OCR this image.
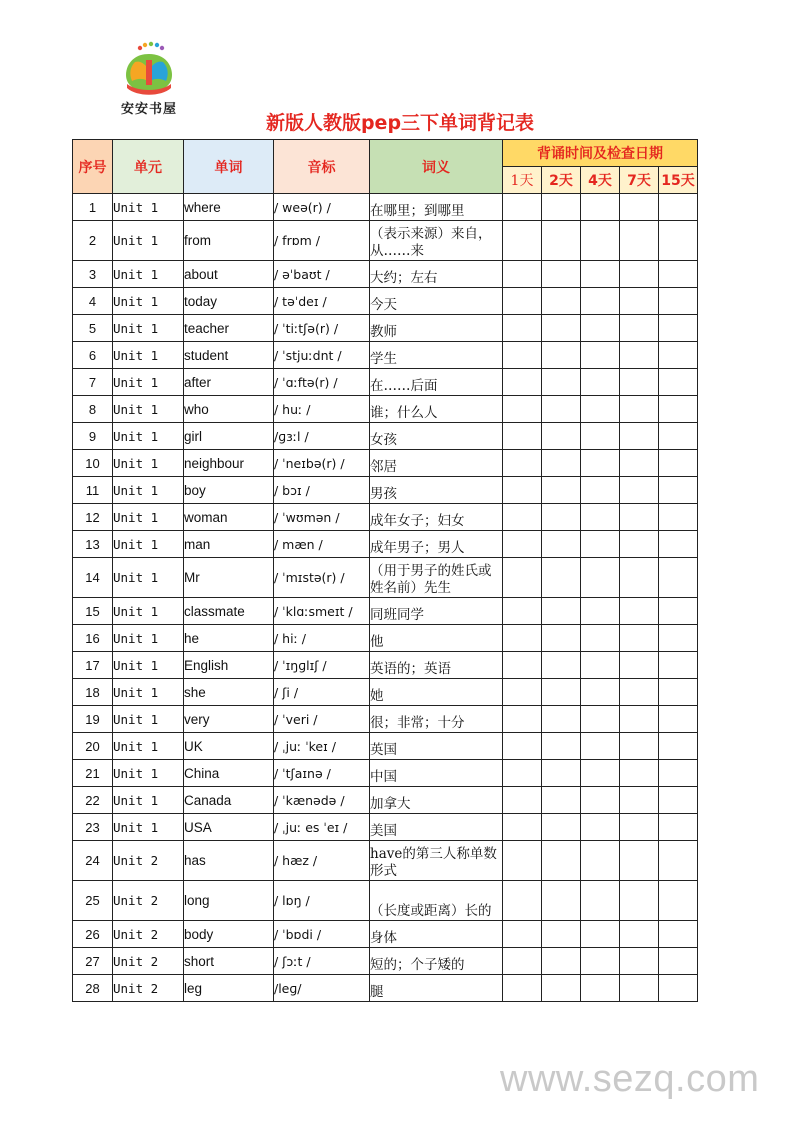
安安书屋
新版人教版pep三下单词背记表
序号	单元	单词	音标	词义	背诵时间及检查日期				
					1天	2天	4天	7天	15天
1	Unit 1	where	/ weə(r) /	在哪里；到哪里					
2	Unit 1	from	/ frɒm /	（表示来源）来自，从……来					
3	Unit 1	about	/ əˈbaʊt /	大约；左右					
4	Unit 1	today	/ təˈdeɪ /	今天					
5	Unit 1	teacher	/ ˈtiːtʃə(r) /	教师					
6	Unit 1	student	/ ˈstjuːdnt /	学生					
7	Unit 1	after	/ ˈɑːftə(r) /	在……后面					
8	Unit 1	who	/ huː /	谁；什么人					
9	Unit 1	girl	/ɡɜːl /	女孩					
10	Unit 1	neighbour	/ ˈneɪbə(r) /	邻居					
11	Unit 1	boy	/ bɔɪ /	男孩					
12	Unit 1	woman	/ ˈwʊmən /	成年女子；妇女					
13	Unit 1	man	/ mæn /	成年男子；男人					
14	Unit 1	Mr	/ ˈmɪstə(r) /	（用于男子的姓氏或姓名前）先生					
15	Unit 1	classmate	/ ˈklɑːsmeɪt /	同班同学					
16	Unit 1	he	/ hiː /	他					
17	Unit 1	English	/ ˈɪŋɡlɪʃ /	英语的；英语					
18	Unit 1	she	/ ʃi /	她					
19	Unit 1	very	/ ˈveri /	很；非常；十分					
20	Unit 1	UK	/ ˌjuː ˈkeɪ /	英国					
21	Unit 1	China	/ ˈtʃaɪnə /	中国					
22	Unit 1	Canada	/ ˈkænədə /	加拿大					
23	Unit 1	USA	/ ˌjuː es ˈeɪ /	美国					
24	Unit 2	has	/ hæz /	have的第三人称单数形式					
25	Unit 2	long	/ lɒŋ /	（长度或距离）长的					
26	Unit 2	body	/ ˈbɒdi /	身体					
27	Unit 2	short	/ ʃɔːt /	短的；个子矮的					
28	Unit 2	leg	/leɡ/	腿					
www.sezq.com
